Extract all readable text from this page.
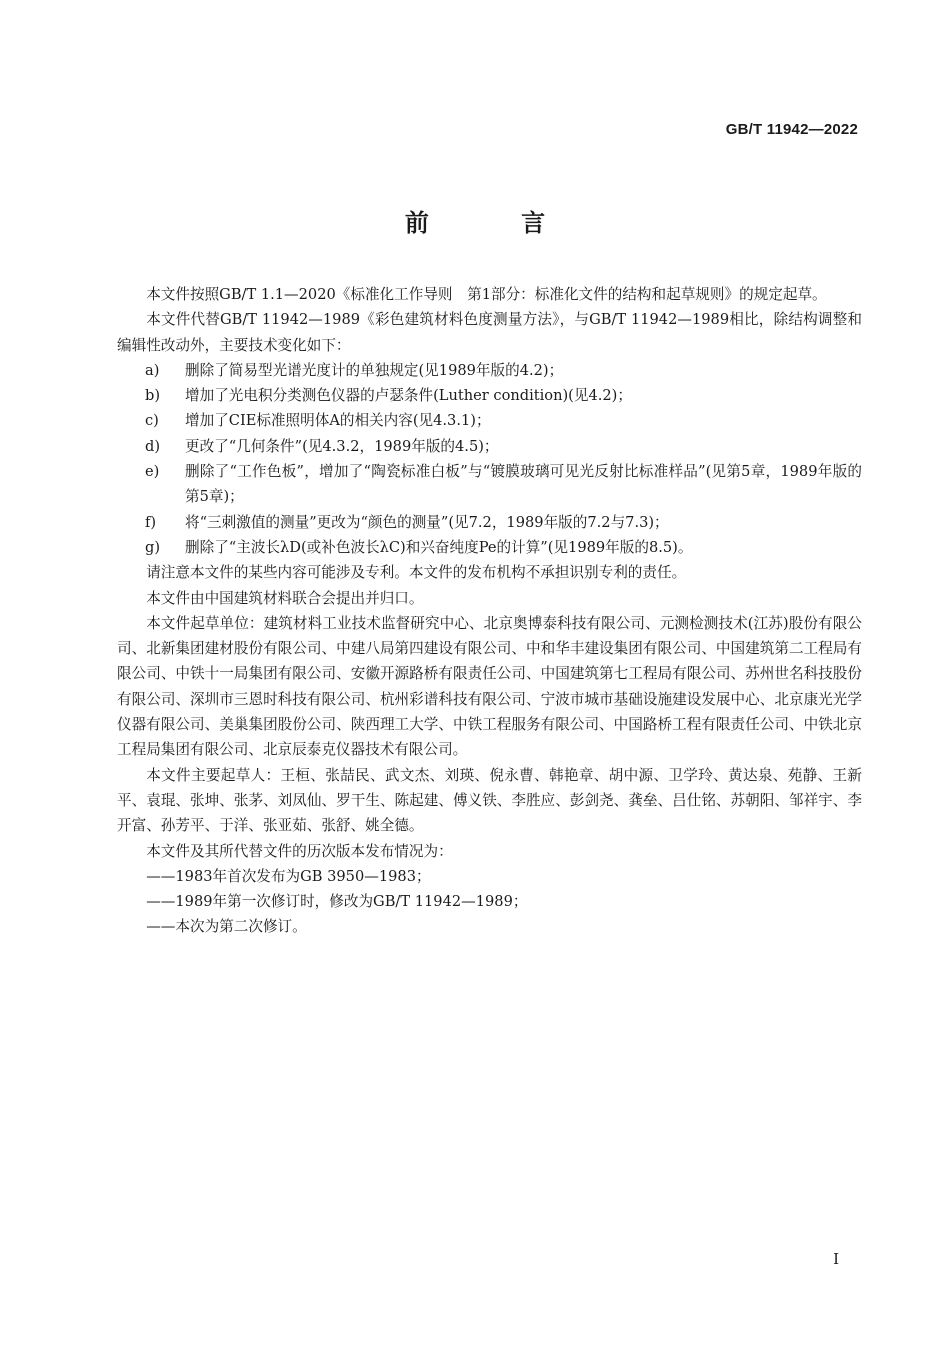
GB/T 11942—2022
前 言

本文件按照GB/T 1.1—2020《标准化工作导则　第1部分：标准化文件的结构和起草规则》的规定起草。

本文件代替GB/T 11942—1989《彩色建筑材料色度测量方法》，与GB/T 11942—1989相比，除结构调整和编辑性改动外，主要技术变化如下：

a)	删除了简易型光谱光度计的单独规定(见1989年版的4.2)；
b)	增加了光电积分类测色仪器的卢瑟条件(Luther condition)(见4.2)；
c)	增加了CIE标准照明体A的相关内容(见4.3.1)；
d)	更改了“几何条件”(见4.3.2，1989年版的4.5)；
e)	删除了“工作色板”，增加了“陶瓷标准白板”与“镀膜玻璃可见光反射比标准样品”(见第5章，1989年版的第5章)；
f)	将“三刺激值的测量”更改为“颜色的测量”(见7.2，1989年版的7.2与7.3)；
g)	删除了“主波长λD(或补色波长λC)和兴奋纯度Pe的计算”(见1989年版的8.5)。

请注意本文件的某些内容可能涉及专利。本文件的发布机构不承担识别专利的责任。

本文件由中国建筑材料联合会提出并归口。

本文件起草单位：建筑材料工业技术监督研究中心、北京奥博泰科技有限公司、元测检测技术(江苏)股份有限公司、北新集团建材股份有限公司、中建八局第四建设有限公司、中和华丰建设集团有限公司、中国建筑第二工程局有限公司、中铁十一局集团有限公司、安徽开源路桥有限责任公司、中国建筑第七工程局有限公司、苏州世名科技股份有限公司、深圳市三恩时科技有限公司、杭州彩谱科技有限公司、宁波市城市基础设施建设发展中心、北京康光光学仪器有限公司、美巢集团股份公司、陕西理工大学、中铁工程服务有限公司、中国路桥工程有限责任公司、中铁北京工程局集团有限公司、北京辰泰克仪器技术有限公司。

本文件主要起草人：王桓、张喆民、武文杰、刘瑛、倪永曹、韩艳章、胡中源、卫学玲、黄达泉、苑静、王新平、袁琨、张坤、张茅、刘凤仙、罗干生、陈起建、傅义铁、李胜应、彭剑尧、龚垒、吕仕铭、苏朝阳、邹祥宇、李开富、孙芳平、于洋、张亚茹、张舒、姚全德。

本文件及其所代替文件的历次版本发布情况为：

——1983年首次发布为GB 3950—1983；

——1989年第一次修订时，修改为GB/T 11942—1989；

——本次为第二次修订。

I
